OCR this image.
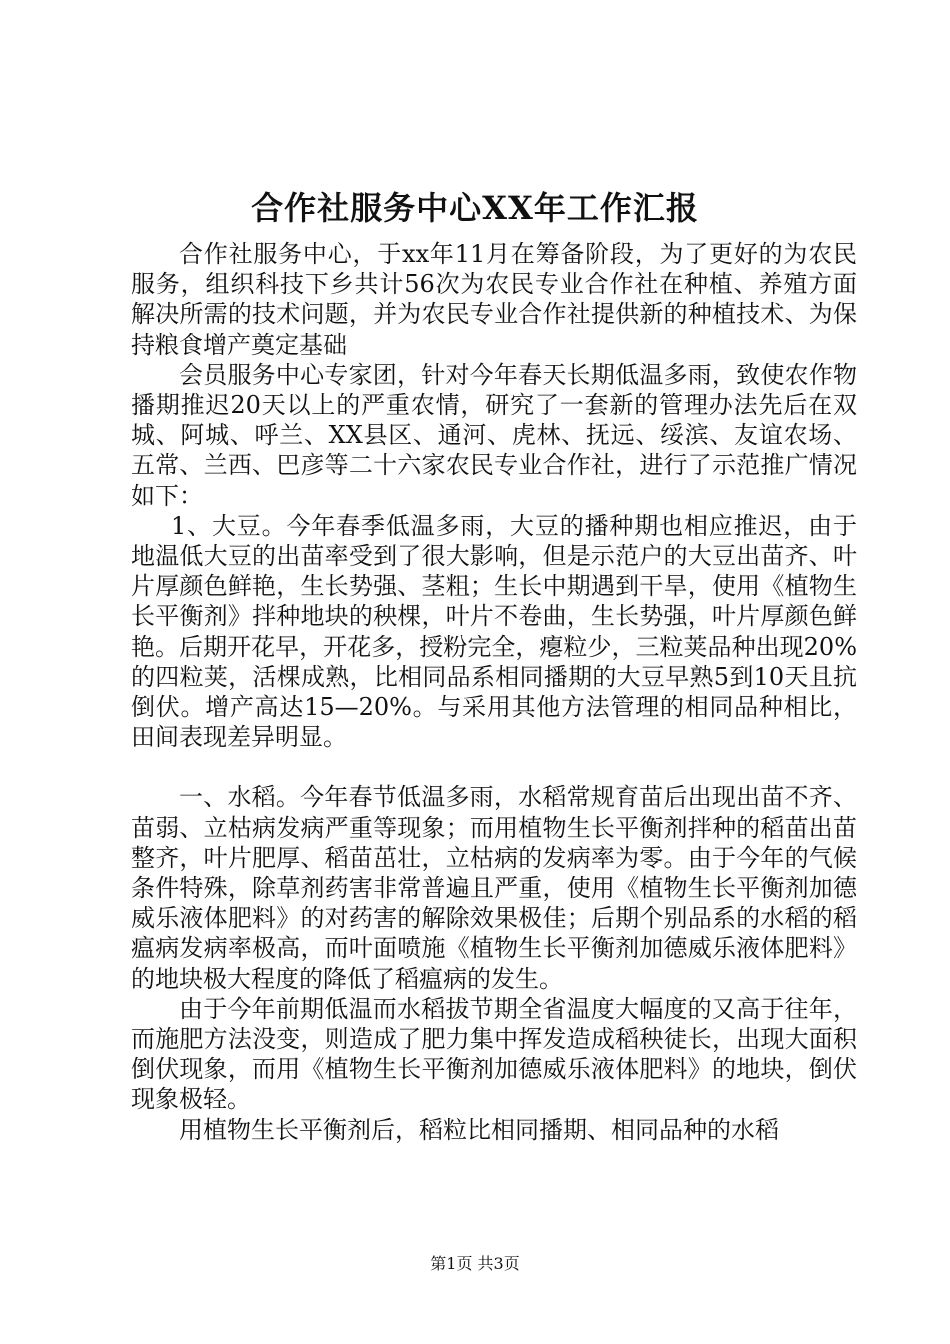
合作社服务中心XX年工作汇报

合作社服务中心，于xx年11月在筹备阶段，为了更好的为农民服务，组织科技下乡共计56次为农民专业合作社在种植、养殖方面解决所需的技术问题，并为农民专业合作社提供新的种植技术、为保持粮食增产奠定基础

会员服务中心专家团，针对今年春天长期低温多雨，致使农作物播期推迟20天以上的严重农情，研究了一套新的管理办法先后在双城、阿城、呼兰、XX县区、通河、虎林、抚远、绥滨、友谊农场、五常、兰西、巴彦等二十六家农民专业合作社，进行了示范推广情况如下：

1、大豆。今年春季低温多雨，大豆的播种期也相应推迟，由于地温低大豆的出苗率受到了很大影响，但是示范户的大豆出苗齐、叶片厚颜色鲜艳，生长势强、茎粗；生长中期遇到干旱，使用《植物生长平衡剂》拌种地块的秧棵，叶片不卷曲，生长势强，叶片厚颜色鲜艳。后期开花早，开花多，授粉完全，瘪粒少，三粒荚品种出现20%的四粒荚，活棵成熟，比相同品系相同播期的大豆早熟5到10天且抗倒伏。增产高达15—20%。与采用其他方法管理的相同品种相比，田间表现差异明显。

一、水稻。今年春节低温多雨，水稻常规育苗后出现出苗不齐、苗弱、立枯病发病严重等现象；而用植物生长平衡剂拌种的稻苗出苗整齐，叶片肥厚、稻苗茁壮，立枯病的发病率为零。由于今年的气候条件特殊，除草剂药害非常普遍且严重，使用《植物生长平衡剂加德威乐液体肥料》的对药害的解除效果极佳；后期个别品系的水稻的稻瘟病发病率极高，而叶面喷施《植物生长平衡剂加德威乐液体肥料》的地块极大程度的降低了稻瘟病的发生。

由于今年前期低温而水稻拔节期全省温度大幅度的又高于往年，而施肥方法没变，则造成了肥力集中挥发造成稻秧徒长，出现大面积倒伏现象，而用《植物生长平衡剂加德威乐液体肥料》的地块，倒伏现象极轻。

用植物生长平衡剂后，稻粒比相同播期、相同品种的水稻

第1页 共3页
